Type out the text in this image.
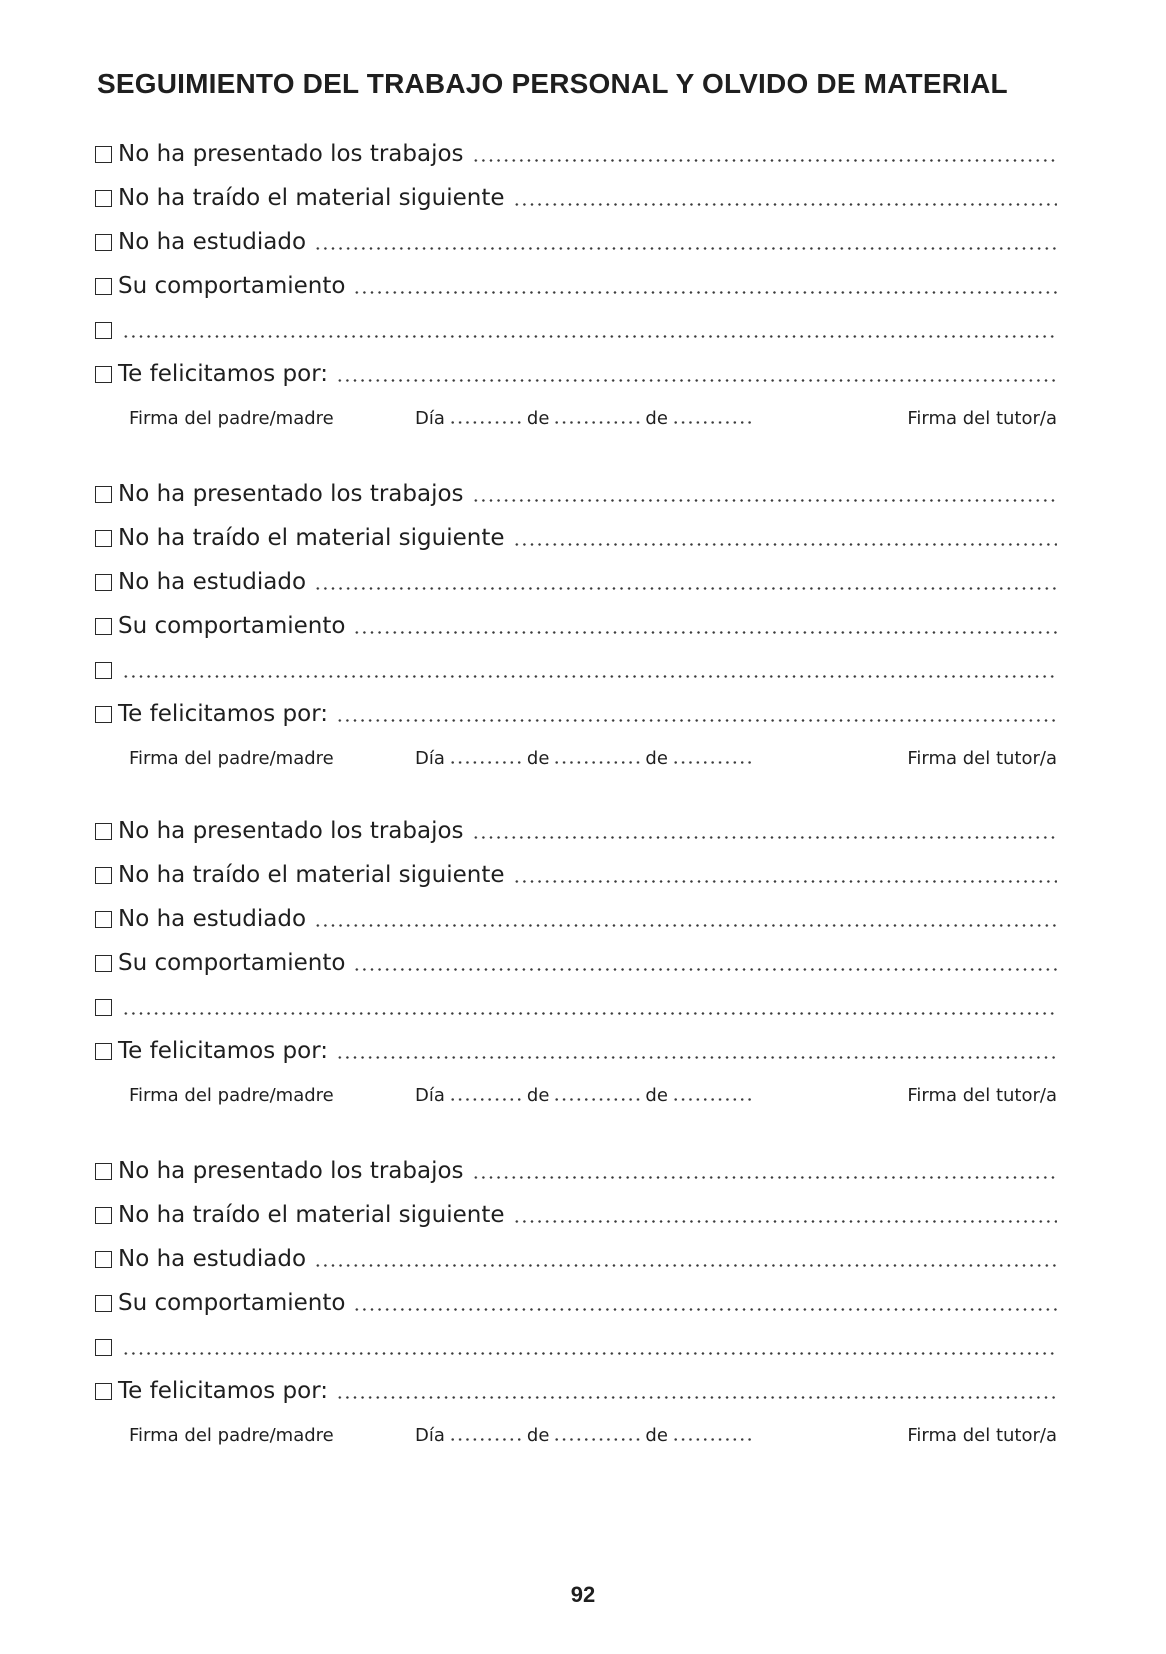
SEGUIMIENTO DEL TRABAJO PERSONAL Y OLVIDO DE MATERIAL
No ha presentado los trabajos
No ha traído el material siguiente
No ha estudiado
Su comportamiento
Te felicitamos por:
Firma del padre/madre	Día	de	de	Firma del tutor/a
No ha presentado los trabajos
No ha traído el material siguiente
No ha estudiado
Su comportamiento
Te felicitamos por:
Firma del padre/madre	Día	de	de	Firma del tutor/a
No ha presentado los trabajos
No ha traído el material siguiente
No ha estudiado
Su comportamiento
Te felicitamos por:
Firma del padre/madre	Día	de	de	Firma del tutor/a
No ha presentado los trabajos
No ha traído el material siguiente
No ha estudiado
Su comportamiento
Te felicitamos por:
Firma del padre/madre	Día	de	de	Firma del tutor/a
92
